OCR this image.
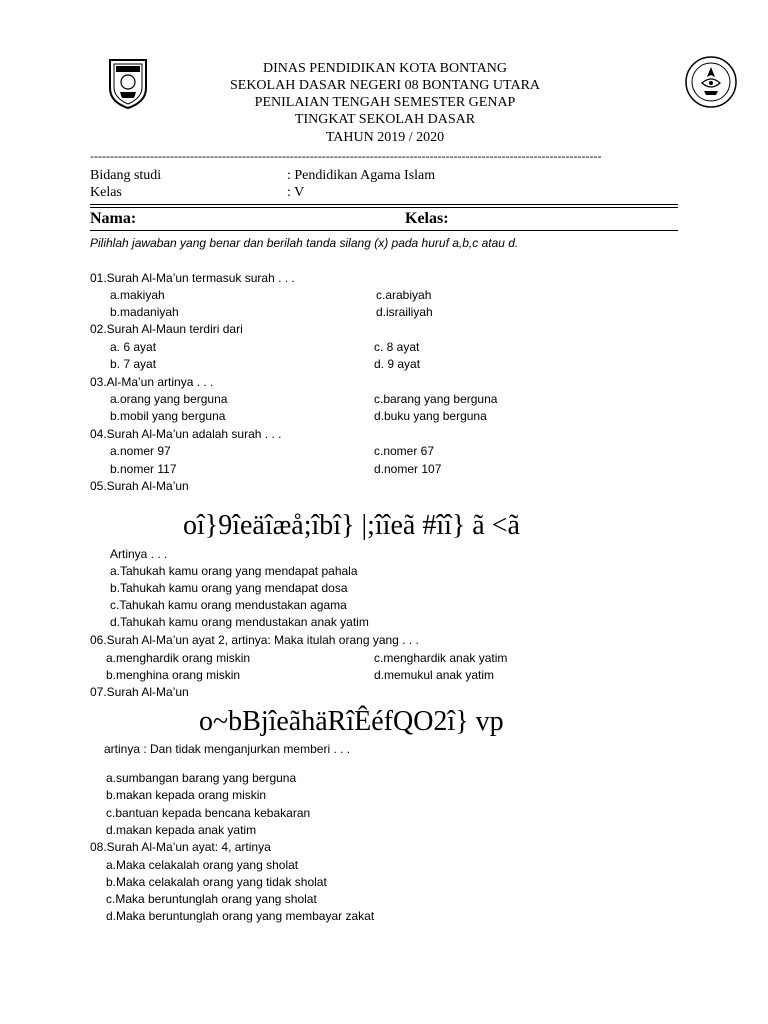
DINAS PENDIDIKAN KOTA BONTANG
SEKOLAH DASAR NEGERI 08 BONTANG UTARA
PENILAIAN TENGAH SEMESTER GENAP
TINGKAT SEKOLAH DASAR
TAHUN 2019 / 2020
--------------------------------------------------------------------------------------------------------------------------------
Bidang studi	: Pendidikan Agama Islam
Kelas	: V
Nama:	Kelas:
Pilihlah jawaban yang benar dan berilah tanda silang (x) pada huruf a,b,c atau d.
01.Surah Al-Ma’un termasuk surah . . .
a.makiyah	c.arabiyah
b.madaniyah	d.israiliyah
02.Surah Al-Maun terdiri dari
a. 6 ayat	c. 8 ayat
b. 7 ayat	d. 9 ayat
03.Al-Ma’un artinya . . .
a.orang yang berguna	c.barang yang berguna
b.mobil yang berguna	d.buku yang berguna
04.Surah Al-Ma’un adalah surah . . .
a.nomer 97	c.nomer 67
b.nomer 117	d.nomer 107
05.Surah Al-Ma’un
oî}9îeäîæå;îbî} |;îîeã #îî} ã <ã
Artinya . . .
a.Tahukah kamu orang yang mendapat pahala
b.Tahukah kamu orang yang mendapat dosa
c.Tahukah kamu orang mendustakan agama
d.Tahukah kamu orang mendustakan anak yatim
06.Surah Al-Ma’un ayat 2, artinya: Maka itulah orang yang . . .
a.menghardik orang miskin	c.menghardik anak yatim
b.menghina orang miskin	d.memukul anak yatim
07.Surah Al-Ma’un
o~bBjîeãhäRîÊéfQO2î} vp
artinya : Dan tidak menganjurkan memberi . . .
a.sumbangan barang yang berguna
b.makan kepada orang miskin
c.bantuan kepada bencana kebakaran
d.makan kepada anak yatim
08.Surah Al-Ma’un ayat: 4, artinya
a.Maka celakalah orang yang sholat
b.Maka celakalah orang yang tidak sholat
c.Maka beruntunglah orang yang sholat
d.Maka beruntunglah orang yang membayar zakat
